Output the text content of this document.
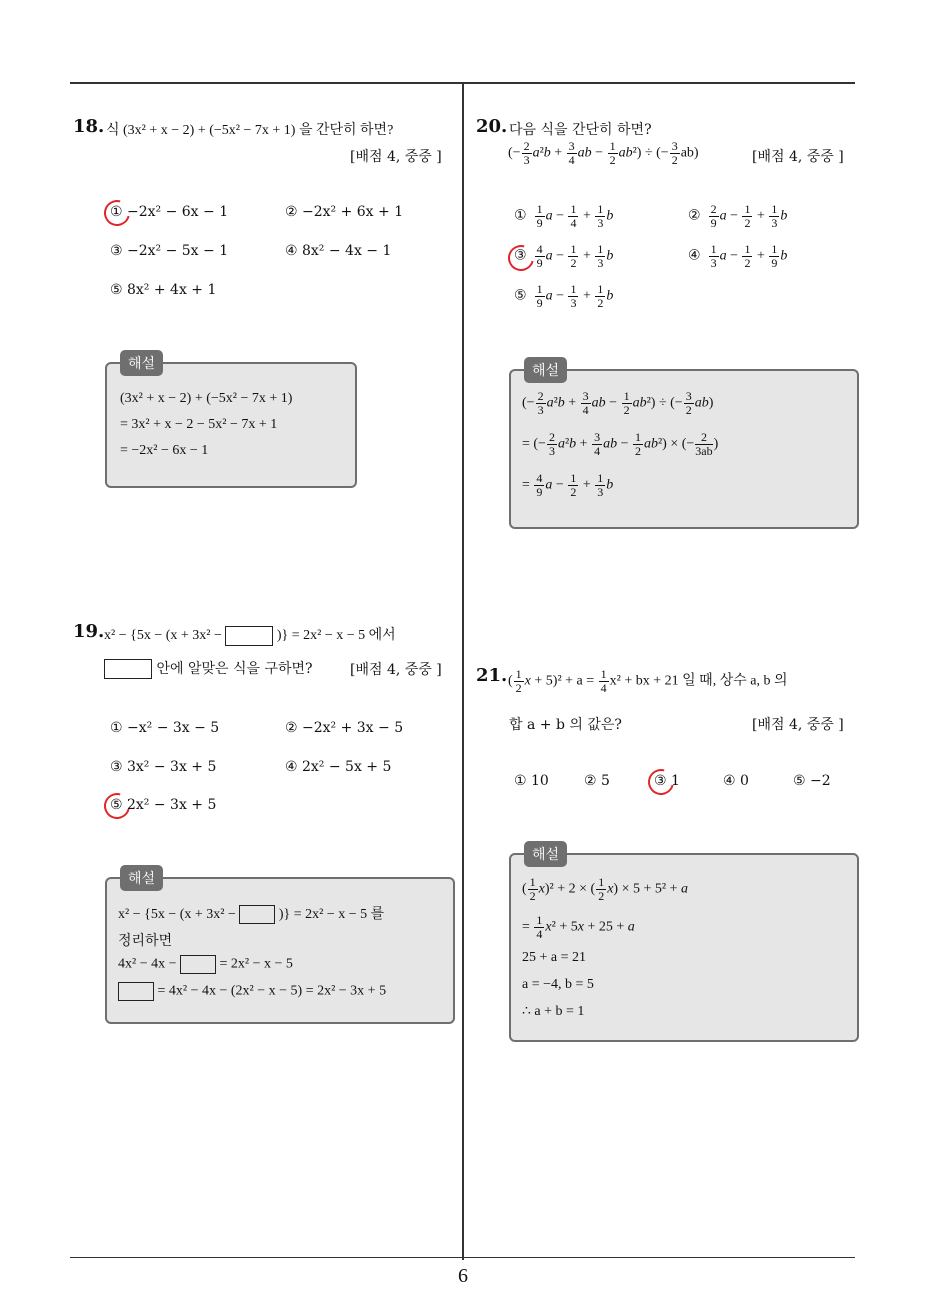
18. 식 (3x² + x − 2) + (−5x² − 7x + 1) 을 간단히 하면?
[배점 4, 중중 ]
① −2x² − 6x − 1	② −2x² + 6x + 1
③ −2x² − 5x − 1	④ 8x² − 4x − 1
⑤ 8x² + 4x + 1
해설
(3x² + x − 2) + (−5x² − 7x + 1)
= 3x² + x − 2 − 5x² − 7x + 1
= −2x² − 6x − 1
19. x² − {5x − (x + 3x² −	)} = 2x² − x − 5 에서
안에 알맞은 식을 구하면?	[배점 4, 중중 ]
① −x² − 3x − 5	② −2x² + 3x − 5
③ 3x² − 3x + 5	④ 2x² − 5x + 5
⑤ 2x² − 3x + 5
해설
x² − {5x − (x + 3x² −	)} = 2x² − x − 5 를
정리하면
4x² − 4x −	= 2x² − x − 5
= 4x² − 4x − (2x² − x − 5) = 2x² − 3x + 5
20. 다음 식을 간단히 하면?
(− $\frac{2}{3} a^2b + \frac{3}{4}$ ab − $\frac{1}{2} ab^2$) ÷ (− $\frac{3}{2} ab$)	[배점 4, 중중 ]
① $\frac{1}{9}$ $a - \frac{1}{4} + \frac{1}{3}$ b	② $\frac{2}{9}$ $a - \frac{1}{2} + \frac{1}{3}$ b
③ $\frac{4}{9}$ $a - \frac{1}{2} + \frac{1}{3}$ b	④ $\frac{1}{3}$ $a - \frac{1}{2} + \frac{1}{9}$ b
⑤ $\frac{1}{9}$ $a - \frac{1}{3} + \frac{1}{2}$ b
해설
(− $\frac{2}{3} a^2b + \frac{3}{4}$ ab − $\frac{1}{2} ab^2$) ÷ (− $\frac{3}{2} ab$)
= (− $\frac{2}{3} a^2b + \frac{3}{4}$ ab − $\frac{1}{2} ab^2$) × (− $\frac{2}{3ab}$ )
= $\frac{4}{9}$ $a - \frac{1}{2} + \frac{1}{3}$ b
21. ( $\frac{1}{2}$ $x + 5)^2 + a = \frac{1}{4} x^2$ + bx + 21 일 때, 상수 a, b 의
합 a + b 의 값은?	[배점 4, 중중 ]
① 10	② 5	③ 1	④ 0	⑤ −2
해설
( $\frac{1}{2} x)^2 + 2$ × ( $\frac{1}{2} x) \times 5 + 5^2 + a$
= $\frac{1}{4} x^2 + 5x + 25 + a$
25 + a = 21
a = −4, b = 5
∴ a + b = 1
6
